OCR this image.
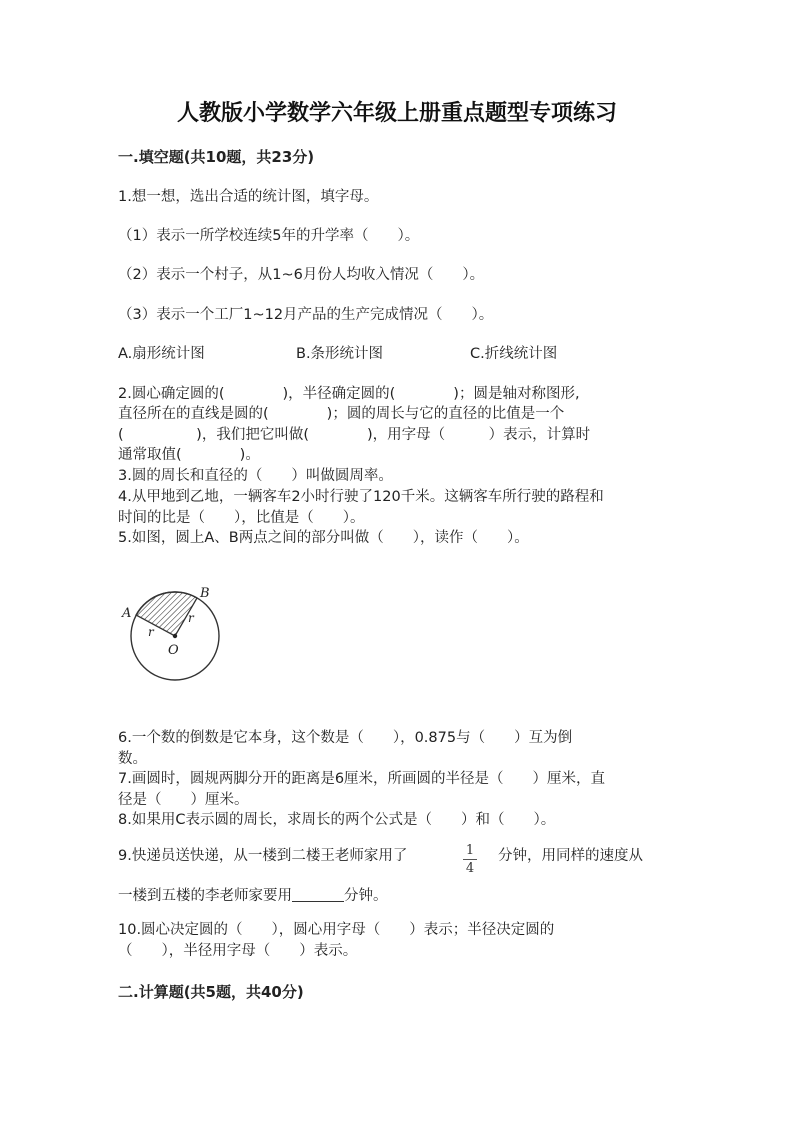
人教版小学数学六年级上册重点题型专项练习
一.填空题(共10题，共23分)
1.想一想，选出合适的统计图，填字母。
（1）表示一所学校连续5年的升学率（　　）。
（2）表示一个村子，从1~6月份人均收入情况（　　）。
（3）表示一个工厂1~12月产品的生产完成情况（　　）。
A.扇形统计图	B.条形统计图	C.折线统计图
2.圆心确定圆的(　　　　)，半径确定圆的(　　　　)；圆是轴对称图形,
直径所在的直线是圆的(　　　　)；圆的周长与它的直径的比值是一个
(　　　　　)，我们把它叫做(　　　　)，用字母（　　　）表示，计算时
通常取值(　　　　)。
3.圆的周长和直径的（　　）叫做圆周率。
4.从甲地到乙地，一辆客车2小时行驶了120千米。这辆客车所行驶的路程和
时间的比是（　　），比值是（　　）。
5.如图，圆上A、B两点之间的部分叫做（　　），读作（　　）。
A
B
O
r
r
6.一个数的倒数是它本身，这个数是（　　），0.875与（　　）互为倒
数。
7.画圆时，圆规两脚分开的距离是6厘米，所画圆的半径是（　　）厘米，直
径是（　　）厘米。
8.如果用C表示圆的周长，求周长的两个公式是（　　）和（　　）。
9.快递员送快递，从一楼到二楼王老师家用了	1
4
分钟，用同样的速度从
一楼到五楼的李老师家要用	分钟。
10.圆心决定圆的（　　），圆心用字母（　　）表示；半径决定圆的
（　　），半径用字母（　　）表示。
二.计算题(共5题，共40分)
